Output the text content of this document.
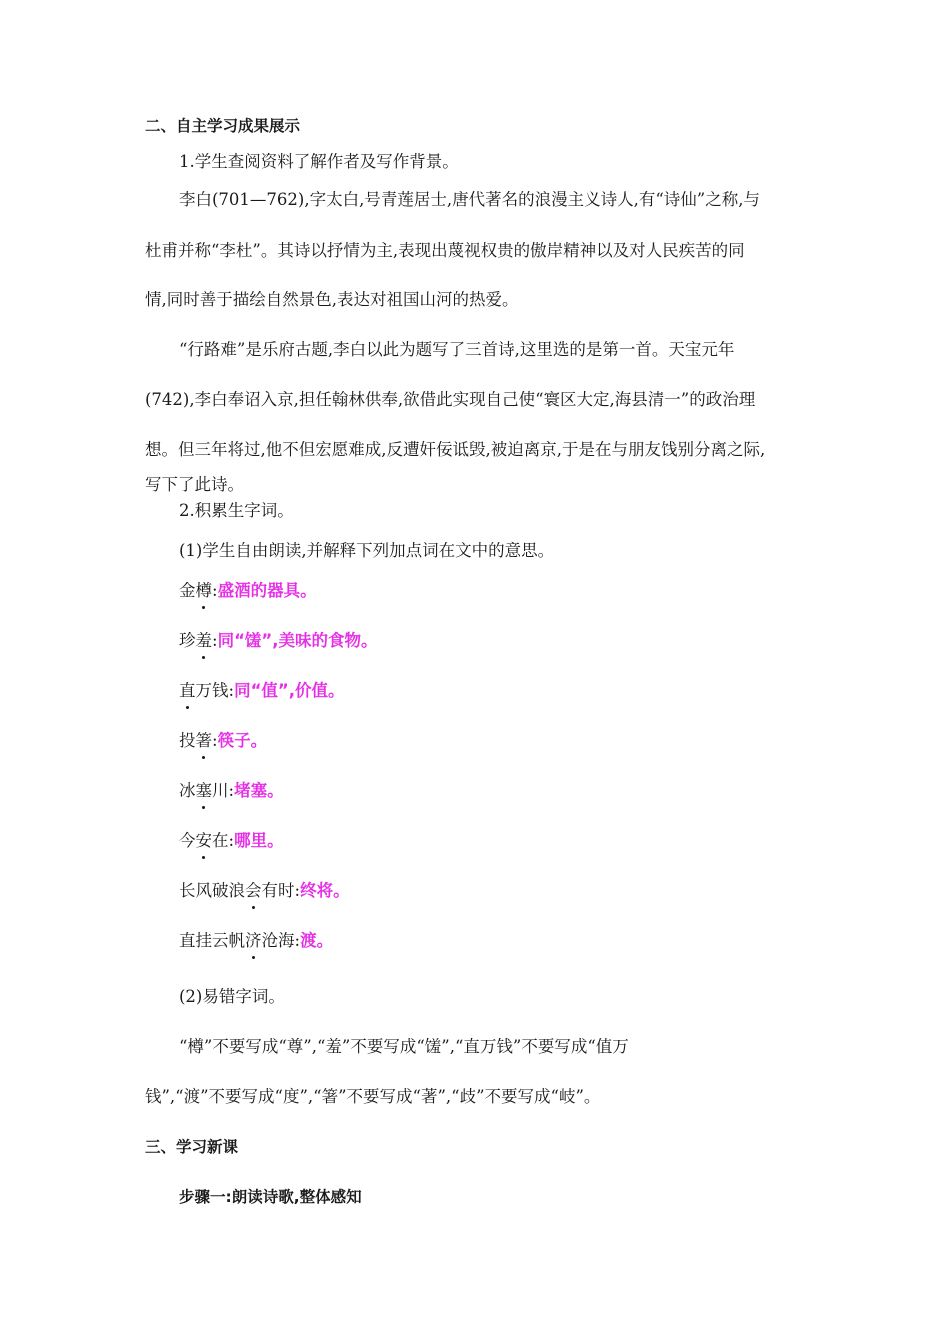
二、自主学习成果展示
1.学生查阅资料了解作者及写作背景。
李白(701—762),字太白,号青莲居士,唐代著名的浪漫主义诗人,有“诗仙”之称,与
杜甫并称“李杜”。其诗以抒情为主,表现出蔑视权贵的傲岸精神以及对人民疾苦的同
情,同时善于描绘自然景色,表达对祖国山河的热爱。
“行路难”是乐府古题,李白以此为题写了三首诗,这里选的是第一首。天宝元年
(742),李白奉诏入京,担任翰林供奉,欲借此实现自己使“寰区大定,海县清一”的政治理
想。但三年将过,他不但宏愿难成,反遭奸佞诋毁,被迫离京,于是在与朋友饯别分离之际,
写下了此诗。
2.积累生字词。
(1)学生自由朗读,并解释下列加点词在文中的意思。
金樽:盛酒的器具。
珍羞:同“馐”,美味的食物。
直万钱:同“值”,价值。
投箸:筷子。
冰塞川:堵塞。
今安在:哪里。
长风破浪会有时:终将。
直挂云帆济沧海:渡。
(2)易错字词。
“樽”不要写成“尊”,“羞”不要写成“馐”,“直万钱”不要写成“值万
钱”,“渡”不要写成“度”,“箸”不要写成“著”,“歧”不要写成“岐”。
三、学习新课
步骤一:朗读诗歌,整体感知
